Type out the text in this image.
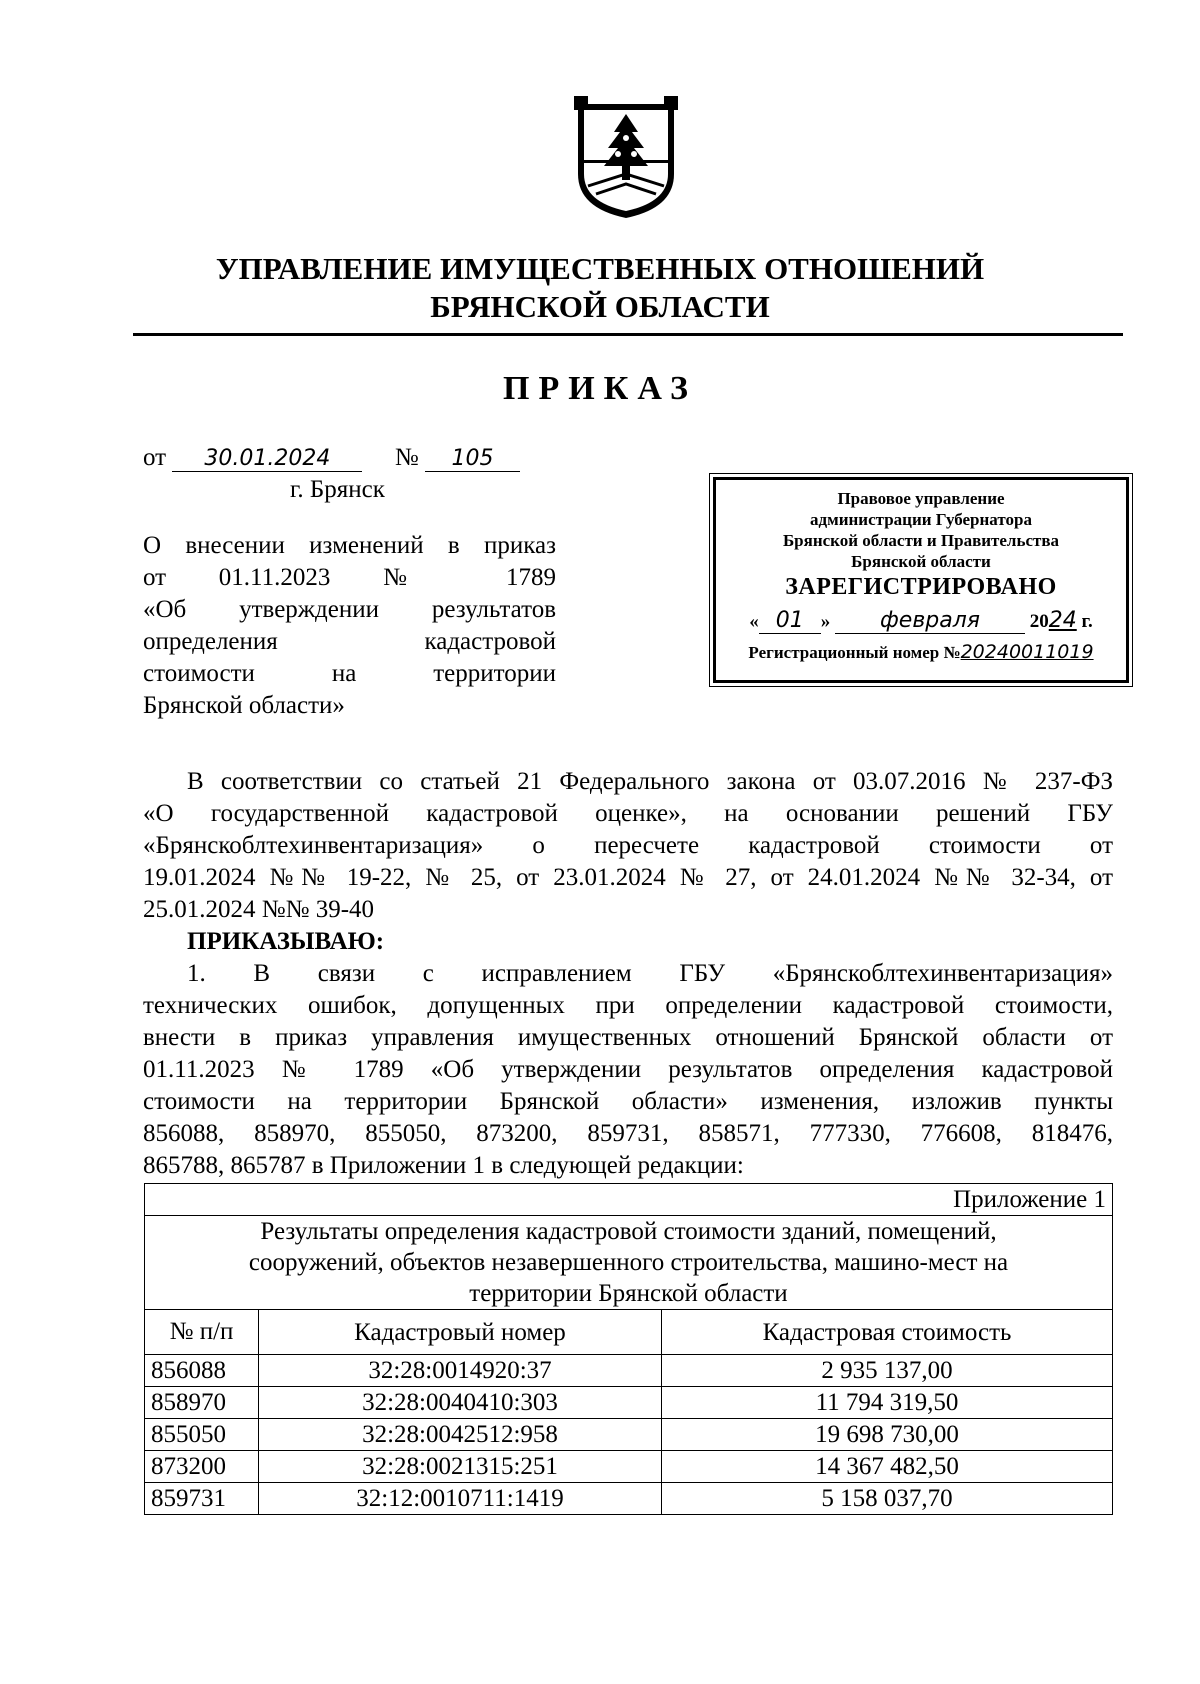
УПРАВЛЕНИЕ ИМУЩЕСТВЕННЫХ ОТНОШЕНИЙ
БРЯНСКОЙ ОБЛАСТИ
ПРИКАЗ
от 30.01.2024	№ 105
г. Брянск
О внесении изменений в приказ
от 01.11.2023 № 1789
«Об утверждении результатов
определения	кадастровой
стоимости	на	территории
Брянской области»
Правовое управление
администрации Губернатора
Брянской области и Правительства
Брянской области
ЗАРЕГИСТРИРОВАНО
« 01 » февраля	2024 г.
Регистрационный номер №20240011019
В соответствии со статьей 21 Федерального закона от 03.07.2016 № 237-ФЗ
«О государственной кадастровой оценке», на основании решений ГБУ
«Брянскоблтехинвентаризация» о пересчете кадастровой стоимости от
19.01.2024 №№ 19-22, № 25, от 23.01.2024 № 27, от 24.01.2024 №№ 32-34, от
25.01.2024 №№ 39-40
ПРИКАЗЫВАЮ:
1. В связи с исправлением ГБУ «Брянскоблтехинвентаризация»
технических ошибок, допущенных при определении кадастровой стоимости,
внести в приказ управления имущественных отношений Брянской области от
01.11.2023 № 1789 «Об утверждении результатов определения кадастровой
стоимости на территории Брянской области» изменения, изложив пункты
856088, 858970, 855050, 873200, 859731, 858571, 777330, 776608, 818476,
865788, 865787 в Приложении 1 в следующей редакции:
Приложение 1		

Результаты определения кадастровой стоимости зданий, помещений,
сооружений, объектов незавершенного строительства, машино-мест на
территории Брянской области		

№ п/п	Кадастровый номер	Кадастровая стоимость
856088	32:28:0014920:37	2 935 137,00
858970	32:28:0040410:303	11 794 319,50
855050	32:28:0042512:958	19 698 730,00
873200	32:28:0021315:251	14 367 482,50
859731	32:12:0010711:1419	5 158 037,70
